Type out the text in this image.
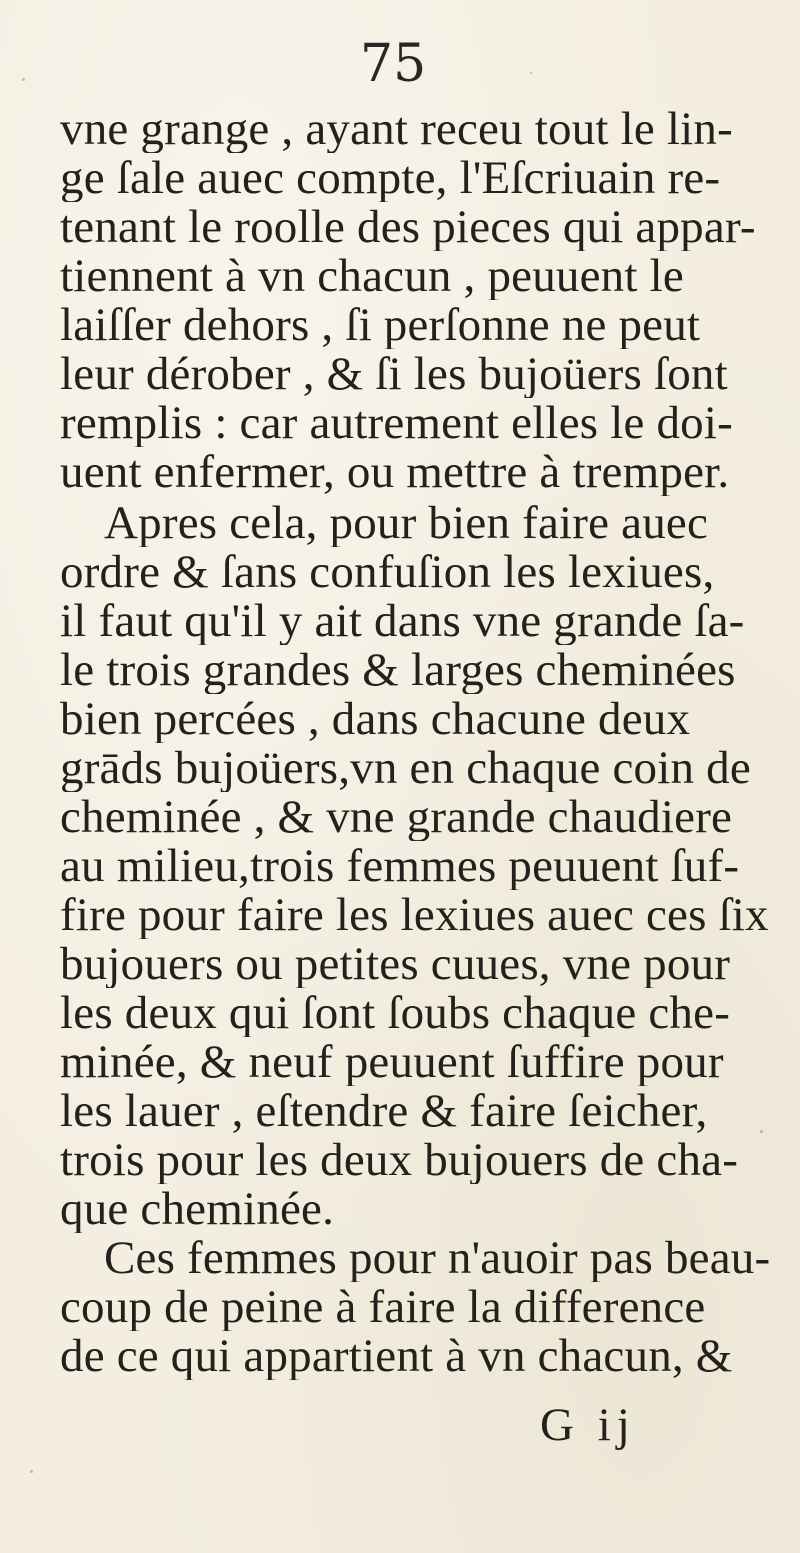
75
vne grange , ayant receu tout le lin-
ge ſale auec compte, l'Eſcriuain re-
tenant le roolle des pieces qui appar-
tiennent à vn chacun , peuuent le
laiſſer dehors , ſi perſonne ne peut
leur dérober , & ſi les bujoüers ſont
remplis : car autrement elles le doi-
uent enfermer, ou mettre à tremper.
Apres cela, pour bien faire auec
ordre & ſans confuſion les lexiues,
il faut qu'il y ait dans vne grande ſa-
le trois grandes & larges cheminées
bien percées , dans chacune deux
grāds bujoüers,vn en chaque coin de
cheminée , & vne grande chaudiere
au milieu,trois femmes peuuent ſuf-
fire pour faire les lexiues auec ces ſix
bujouers ou petites cuues, vne pour
les deux qui ſont ſoubs chaque che-
minée, & neuf peuuent ſuffire pour
les lauer , eſtendre & faire ſeicher,
trois pour les deux bujouers de cha-
que cheminée.
Ces femmes pour n'auoir pas beau-
coup de peine à faire la difference
de ce qui appartient à vn chacun, &
G ij
